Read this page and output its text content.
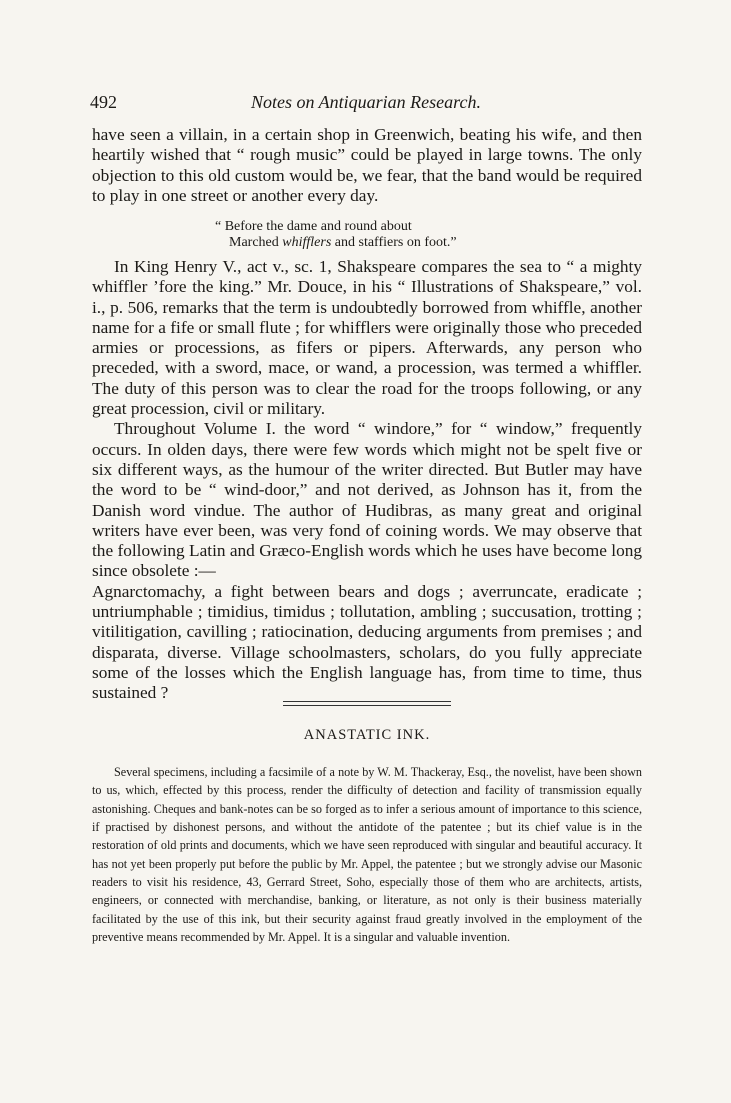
492	Notes on Antiquarian Research.

have seen a villain, in a certain shop in Greenwich, beating his wife, and then heartily wished that “ rough music” could be played in large towns. The only objection to this old custom would be, we fear, that the band would be required to play in one street or another every day.

“ Before the dame and round about
Marched whifflers and staffiers on foot.”

In King Henry V., act v., sc. 1, Shakspeare compares the sea to “ a mighty whiffler ’fore the king.” Mr. Douce, in his “ Illustrations of Shakspeare,” vol. i., p. 506, remarks that the term is undoubtedly borrowed from whiffle, another name for a fife or small flute ; for whifflers were originally those who preceded armies or processions, as fifers or pipers. Afterwards, any person who preceded, with a sword, mace, or wand, a procession, was termed a whiffler. The duty of this person was to clear the road for the troops following, or any great procession, civil or military.

Throughout Volume I. the word “ windore,” for “ window,” frequently occurs. In olden days, there were few words which might not be spelt five or six different ways, as the humour of the writer directed. But Butler may have the word to be “ wind-door,” and not derived, as Johnson has it, from the Danish word vindue. The author of Hudibras, as many great and original writers have ever been, was very fond of coining words. We may observe that the following Latin and Græco-English words which he uses have become long since obsolete :—

Agnarctomachy, a fight between bears and dogs ; averruncate, eradicate ; untriumphable ; timidius, timidus ; tollutation, ambling ; succusation, trotting ; vitilitigation, cavilling ; ratiocination, deducing arguments from premises ; and disparata, diverse. Village schoolmasters, scholars, do you fully appreciate some of the losses which the English language has, from time to time, thus sustained ?

ANASTATIC INK.

Several specimens, including a facsimile of a note by W. M. Thackeray, Esq., the novelist, have been shown to us, which, effected by this process, render the difficulty of detection and facility of transmission equally astonishing. Cheques and bank-notes can be so forged as to infer a serious amount of importance to this science, if practised by dishonest persons, and without the antidote of the patentee ; but its chief value is in the restoration of old prints and documents, which we have seen reproduced with singular and beautiful accuracy. It has not yet been properly put before the public by Mr. Appel, the patentee ; but we strongly advise our Masonic readers to visit his residence, 43, Gerrard Street, Soho, especially those of them who are architects, artists, engineers, or connected with merchandise, banking, or literature, as not only is their business materially facilitated by the use of this ink, but their security against fraud greatly involved in the employment of the preventive means recommended by Mr. Appel. It is a singular and valuable invention.
